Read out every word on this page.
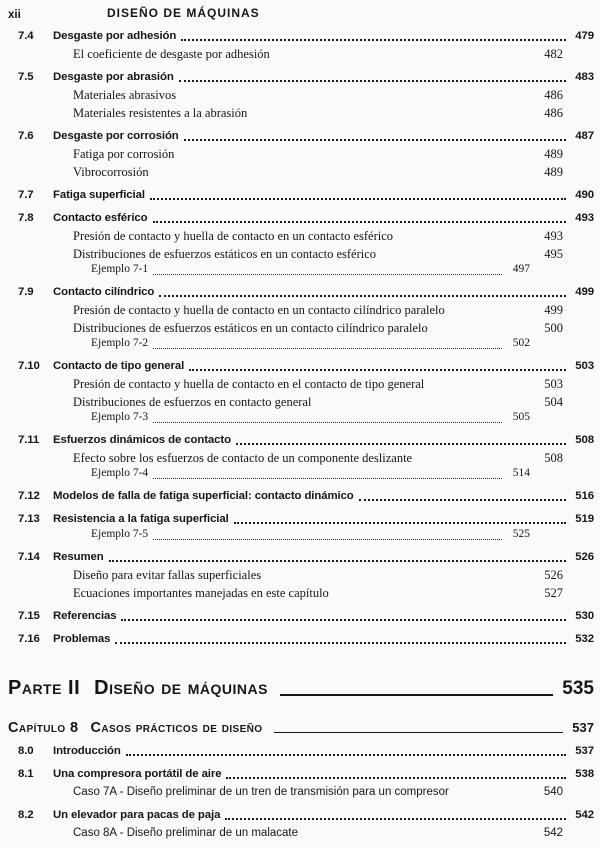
xii	DISEÑO DE MÁQUINAS
7.4	Desgaste por adhesión	479
El coeficiente de desgaste por adhesión	482
7.5	Desgaste por abrasión	483
Materiales abrasivos	486
Materiales resistentes a la abrasión	486
7.6	Desgaste por corrosión	487
Fatiga por corrosión	489
Vibrocorrosión	489
7.7	Fatiga superficial	490
7.8	Contacto esférico	493
Presión de contacto y huella de contacto en un contacto esférico	493
Distribuciones de esfuerzos estáticos en un contacto esférico	495
Ejemplo 7-1	497
7.9	Contacto cilíndrico	499
Presión de contacto y huella de contacto en un contacto cilíndrico paralelo	499
Distribuciones de esfuerzos estáticos en un contacto cilíndrico paralelo	500
Ejemplo 7-2	502
7.10	Contacto de tipo general	503
Presión de contacto y huella de contacto en el contacto de tipo general	503
Distribuciones de esfuerzos en contacto general	504
Ejemplo 7-3	505
7.11	Esfuerzos dinámicos de contacto	508
Efecto sobre los esfuerzos de contacto de un componente deslizante	508
Ejemplo 7-4	514
7.12	Modelos de falla de fatiga superficial: contacto dinámico	516
7.13	Resistencia a la fatiga superficial	519
Ejemplo 7-5	525
7.14	Resumen	526
Diseño para evitar fallas superficiales	526
Ecuaciones importantes manejadas en este capítulo	527
7.15	Referencias	530
7.16	Problemas	532
Parte II Diseño de máquinas	535
Capítulo 8 Casos prácticos de diseño	537
8.0	Introducción	537
8.1	Una compresora portátil de aire	538
Caso 7A - Diseño preliminar de un tren de transmisión para un compresor	540
8.2	Un elevador para pacas de paja	542
Caso 8A - Diseño preliminar de un malacate	542
